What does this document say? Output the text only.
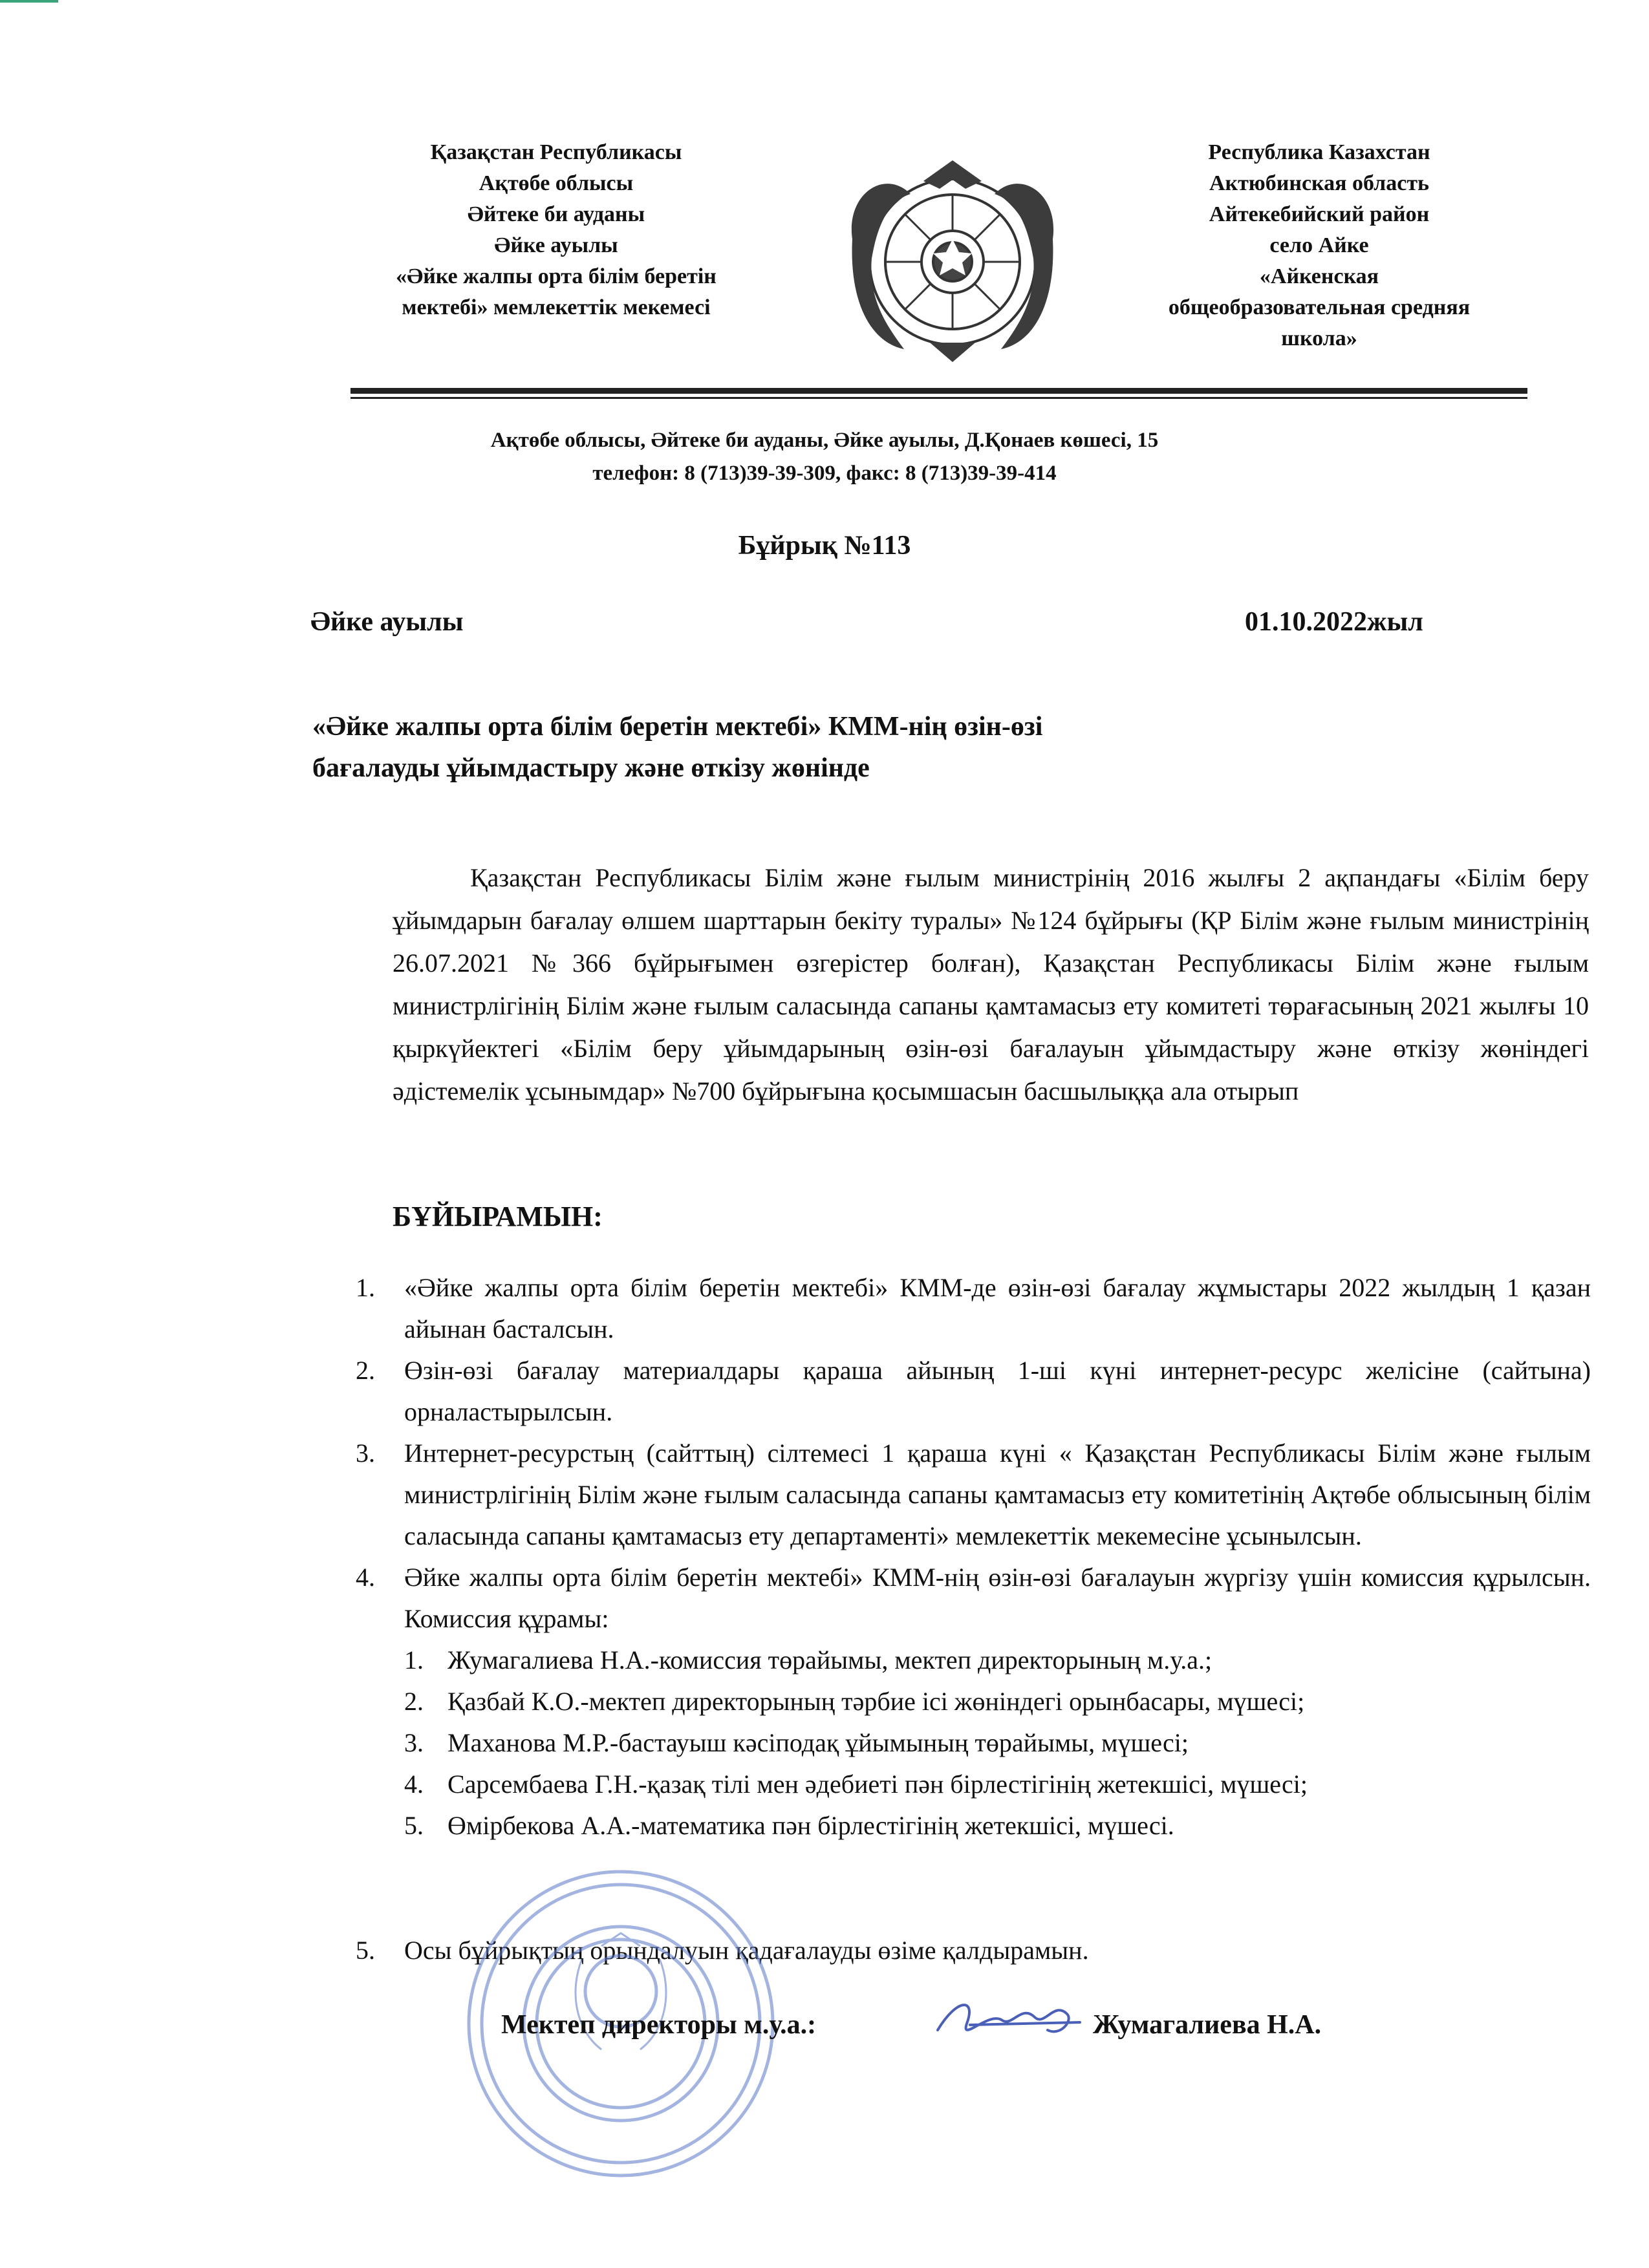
Қазақстан Республикасы
Ақтөбе облысы
Әйтеке би ауданы
Әйке ауылы
«Әйке жалпы орта білім беретін
мектебі» мемлекеттік мекемесі
Республика Казахстан
Актюбинская область
Айтекебийский район
село Айке
«Айкенская
общеобразовательная средняя
школа»
Ақтөбе облысы, Әйтеке би ауданы, Әйке ауылы, Д.Қонаев көшесі, 15
телефон: 8 (713)39-39-309, факс: 8 (713)39-39-414
Бұйрық №113
Әйке ауылы	01.10.2022жыл
«Әйке жалпы орта білім беретін мектебі» КММ-нің өзін-өзі
бағалауды ұйымдастыру және өткізу жөнінде
Қазақстан Республикасы Білім және ғылым министрінің 2016 жылғы 2 ақпандағы «Білім беру ұйымдарын бағалау өлшем шарттарын бекіту туралы» №124 бұйрығы (ҚР Білім және ғылым министрінің 26.07.2021 №366 бұйрығымен өзгерістер болған), Қазақстан Республикасы Білім және ғылым министрлігінің Білім және ғылым саласында сапаны қамтамасыз ету комитеті төрағасының 2021 жылғы 10 қыркүйектегі «Білім беру ұйымдарының өзін-өзі бағалауын ұйымдастыру және өткізу жөніндегі әдістемелік ұсынымдар» №700 бұйрығына қосымшасын басшылыққа ала отырып
БҰЙЫРАМЫН:
1. «Әйке жалпы орта білім беретін мектебі» КММ-де өзін-өзі бағалау жұмыстары 2022 жылдың 1 қазан айынан басталсын.
2. Өзін-өзі бағалау материалдары қараша айының 1-ші күні интернет-ресурс желісіне (сайтына) орналастырылсын.
3. Интернет-ресурстың (сайттың) сілтемесі 1 қараша күні « Қазақстан Республикасы Білім және ғылым министрлігінің Білім және ғылым саласында сапаны қамтамасыз ету комитетінің Ақтөбе облысының білім саласында сапаны қамтамасыз ету департаменті» мемлекеттік мекемесіне ұсынылсын.
4. Әйке жалпы орта білім беретін мектебі» КММ-нің өзін-өзі бағалауын жүргізу үшін комиссия құрылсын. Комиссия құрамы:
1. Жумагалиева Н.А.-комиссия төрайымы, мектеп директорының м.у.а.;
2. Қазбай К.О.-мектеп директорының тәрбие ісі жөніндегі орынбасары, мүшесі;
3. Маханова М.Р.-бастауыш кәсіподақ ұйымының төрайымы, мүшесі;
4. Сарсембаева Г.Н.-қазақ тілі мен әдебиеті пән бірлестігінің жетекшісі, мүшесі;
5. Өмірбекова А.А.-математика пән бірлестігінің жетекшісі, мүшесі.
5. Осы бұйрықтың орындалуын қадағалауды өзіме қалдырамын.
Мектеп директоры м.у.а.:	Жумагалиева Н.А.
